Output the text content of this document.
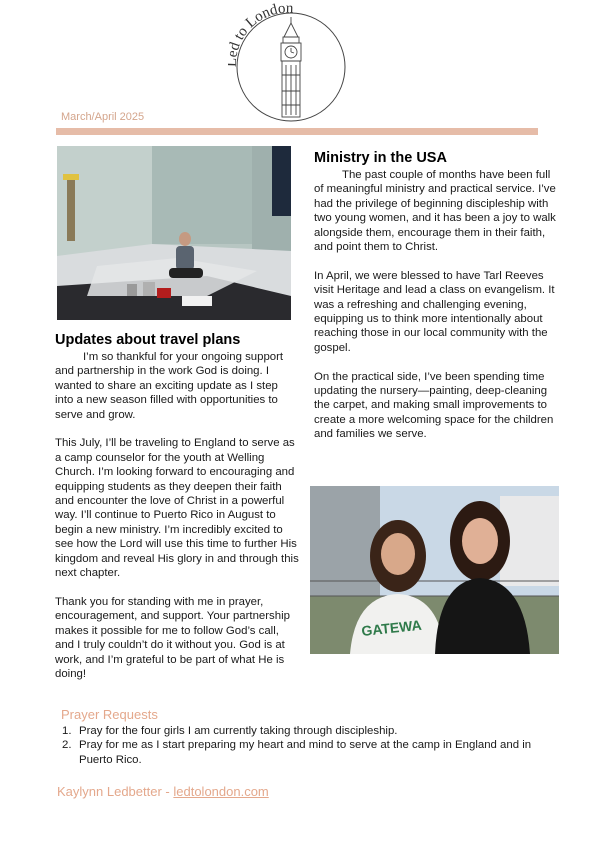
to London
March/April 2025
Ministry in the USA

The past couple of months have been full of meaningful ministry and practical service. I’ve had the privilege of beginning discipleship with two young women, and it has been a joy to walk alongside them, encourage them in their faith, and point them to Christ.

In April, we were blessed to have Tarl Reeves visit Heritage and lead a class on evangelism. It was a refreshing and challenging evening, equipping us to think more intentionally about reaching those in our local community with the gospel.

On the practical side, I’ve been spending time updating the nursery—painting, deep-cleaning the carpet, and making small improvements to create a more welcoming space for the children and families we serve.

Updates about travel plans

I’m so thankful for your ongoing support and partnership in the work God is doing. I wanted to share an exciting update as I step into a new season filled with opportunities to serve and grow.

This July, I’ll be traveling to England to serve as a camp counselor for the youth at Welling Church. I’m looking forward to encouraging and equipping students as they deepen their faith and encounter the love of Christ in a powerful way. I’ll continue to Puerto Rico in August to begin a new ministry. I’m incredibly excited to see how the Lord will use this time to further His kingdom and reveal His glory in and through this next chapter.

Thank you for standing with me in prayer, encouragement, and support. Your partnership makes it possible for me to follow God’s call, and I truly couldn’t do it without you. God is at work, and I’m grateful to be part of what He is doing!

GATEWA
Prayer Requests
1. Pray for the four girls I am currently taking through discipleship.
2. Pray for me as I start preparing my heart and mind to serve at the camp in England and in Puerto Rico.
Kaylynn Ledbetter - ledtolondon.com
